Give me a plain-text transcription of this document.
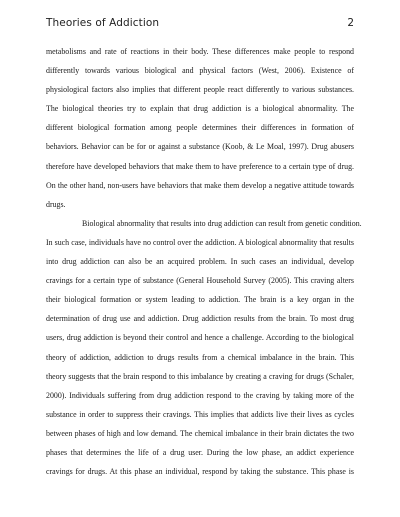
Theories of Addiction	2
metabolisms and rate of reactions in their body. These differences make people to respond
differently towards various biological and physical factors (West, 2006). Existence of
physiological factors also implies that different people react differently to various substances.
The biological theories try to explain that drug addiction is a biological abnormality. The
different biological formation among people determines their differences in formation of
behaviors. Behavior can be for or against a substance (Koob, & Le Moal, 1997). Drug abusers
therefore have developed behaviors that make them to have preference to a certain type of drug.
On the other hand, non-users have behaviors that make them develop a negative attitude towards
drugs.
Biological abnormality that results into drug addiction can result from genetic condition.
In such case, individuals have no control over the addiction. A biological abnormality that results
into drug addiction can also be an acquired problem. In such cases an individual, develop
cravings for a certain type of substance (General Household Survey (2005). This craving alters
their biological formation or system leading to addiction. The brain is a key organ in the
determination of drug use and addiction. Drug addiction results from the brain. To most drug
users, drug addiction is beyond their control and hence a challenge. According to the biological
theory of addiction, addiction to drugs results from a chemical imbalance in the brain. This
theory suggests that the brain respond to this imbalance by creating a craving for drugs (Schaler,
2000). Individuals suffering from drug addiction respond to the craving by taking more of the
substance in order to suppress their cravings. This implies that addicts live their lives as cycles
between phases of high and low demand. The chemical imbalance in their brain dictates the two
phases that determines the life of a drug user. During the low phase, an addict experience
cravings for drugs. At this phase an individual, respond by taking the substance. This phase is
